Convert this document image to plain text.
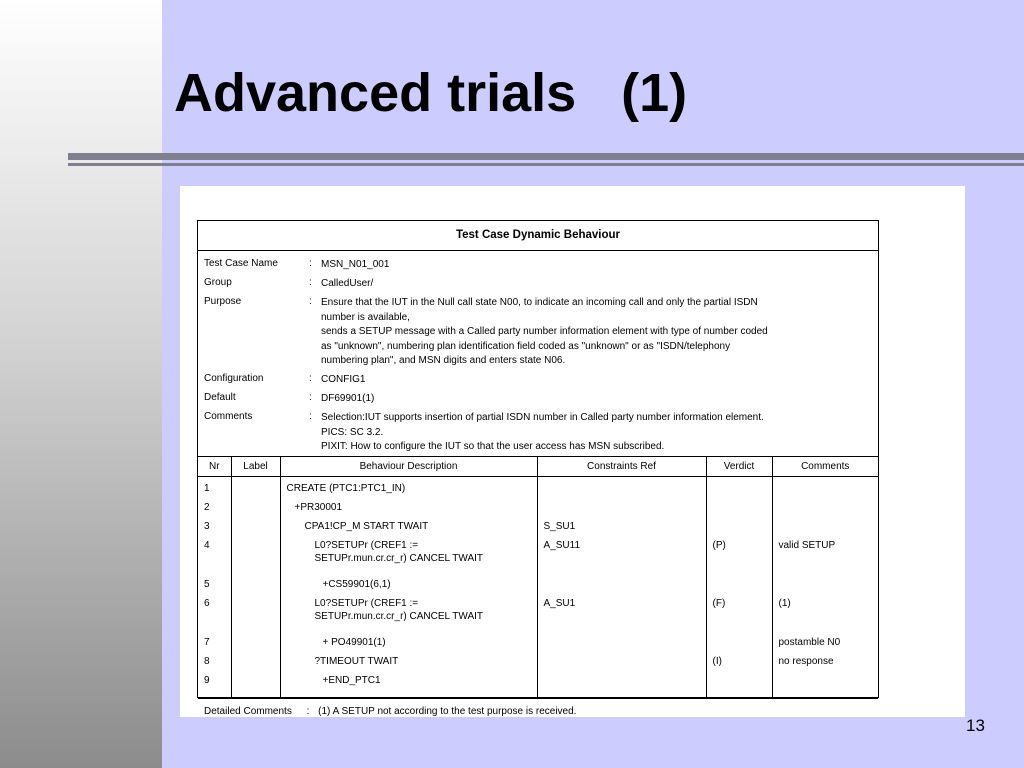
Advanced trials   (1)
Test Case Dynamic Behaviour
Test Case Name	: MSN_N01_001
Group	: CalledUser/
Purpose	: Ensure that the IUT in the Null call state N00, to indicate an incoming call and only the partial ISDN
number is available,
sends a SETUP message with a Called party number information element with type of number coded
as "unknown", numbering plan identification field coded as "unknown" or as "ISDN/telephony
numbering plan", and MSN digits and enters state N06.
Configuration	: CONFIG1
Default	: DF69901(1)
Comments	: Selection:IUT supports insertion of partial ISDN number in Called party number information element.
PICS: SC 3.2.
PIXIT: How to configure the IUT so that the user access has MSN subscribed.
Nr	Label	Behaviour Description	Constraints Ref	Verdict	Comments
1		CREATE (PTC1:PTC1_IN)			
2		+PR30001			
3		CPA1!CP_M START TWAIT	S_SU1		
4		L0?SETUPr (CREF1 :=
SETUPr.mun.cr.cr_r) CANCEL TWAIT	A_SU11	(P)	valid SETUP
5		+CS59901(6,1)			
6		L0?SETUPr (CREF1 :=
SETUPr.mun.cr.cr_r) CANCEL TWAIT	A_SU1	(F)	(1)
7		+ PO49901(1)			postamble N0
8		?TIMEOUT TWAIT		(I)	no response
9		+END_PTC1			
Detailed Comments : (1) A SETUP not according to the test purpose is received.
13
